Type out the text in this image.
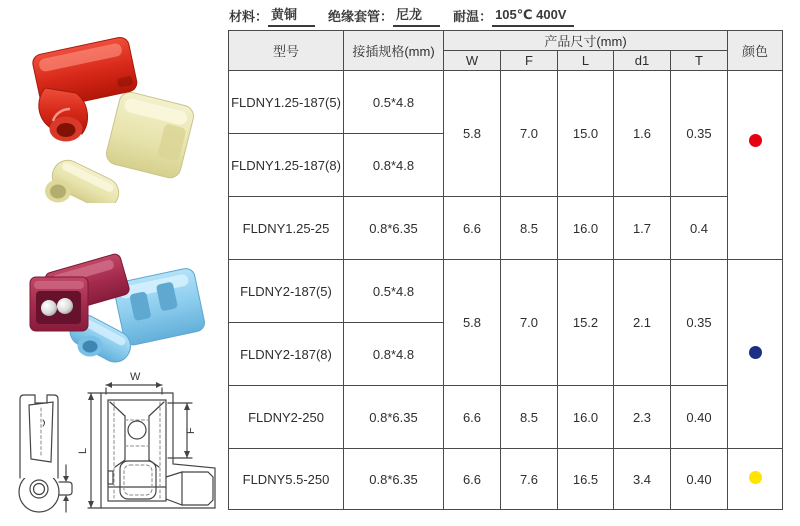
W
L
F
材料： 黄铜	绝缘套管： 尼龙	耐温： 105℃ 400V
型号	接插规格(mm)	产品尺寸(mm)					颜色
		W	F	L	d1	T	
FLDNY1.25-187(5)	0.5*4.8	5.8	7.0	15.0	1.6	0.35	
FLDNY1.25-187(8)	0.8*4.8						
FLDNY1.25-25	0.8*6.35	6.6	8.5	16.0	1.7	0.4	
FLDNY2-187(5)	0.5*4.8	5.8	7.0	15.2	2.1	0.35	
FLDNY2-187(8)	0.8*4.8						
FLDNY2-250	0.8*6.35	6.6	8.5	16.0	2.3	0.40	
FLDNY5.5-250	0.8*6.35	6.6	7.6	16.5	3.4	0.40	
